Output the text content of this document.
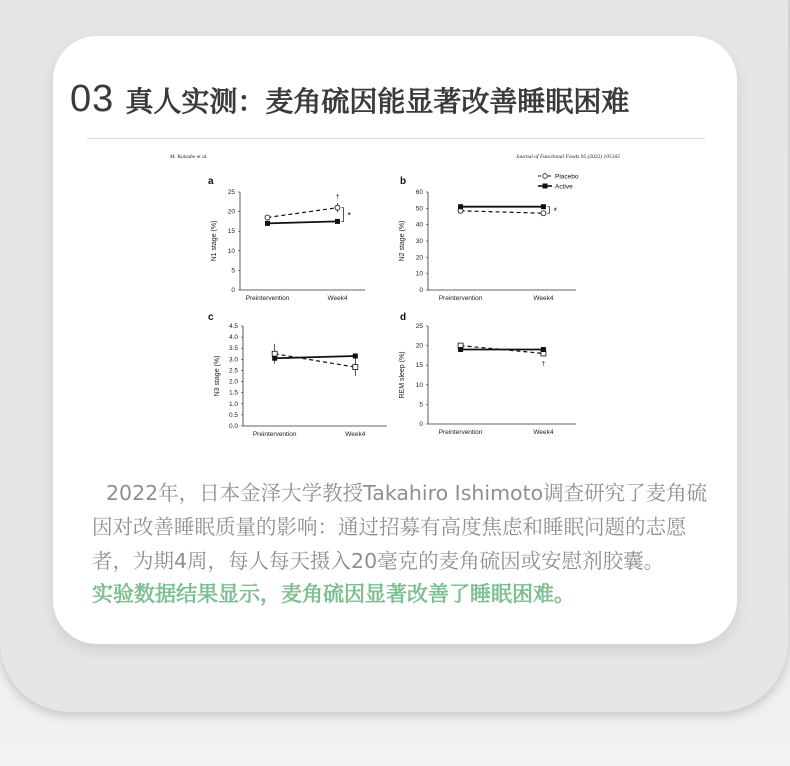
03 真人实测：麦角硫因能显著改善睡眠困难
M. Katsube et al.	Journal of Functional Foods 95 (2022) 105165
a
0
5
10
15
20
25
N1 stage (%)
Preintervention	Week4
*
†
b
0
10
20
30
40
50
60
N2 stage (%)
Preintervention	Week4
*
c
0.0
0.5
1.0
1.5
2.0
2.5
3.0
3.5
4.0
4.5
N3 stage (%)
Preintervention	Week4
d
0
5
10
15
20
25
REM sleep (%)
Preintervention	Week4
†
Placebo
Active

2022年，日本金泽大学教授Takahiro Ishimoto调查研究了麦角硫因对改善睡眠质量的影响：通过招募有高度焦虑和睡眠问题的志愿者，为期4周，每人每天摄入20毫克的麦角硫因或安慰剂胶囊。

实验数据结果显示，麦角硫因显著改善了睡眠困难。
